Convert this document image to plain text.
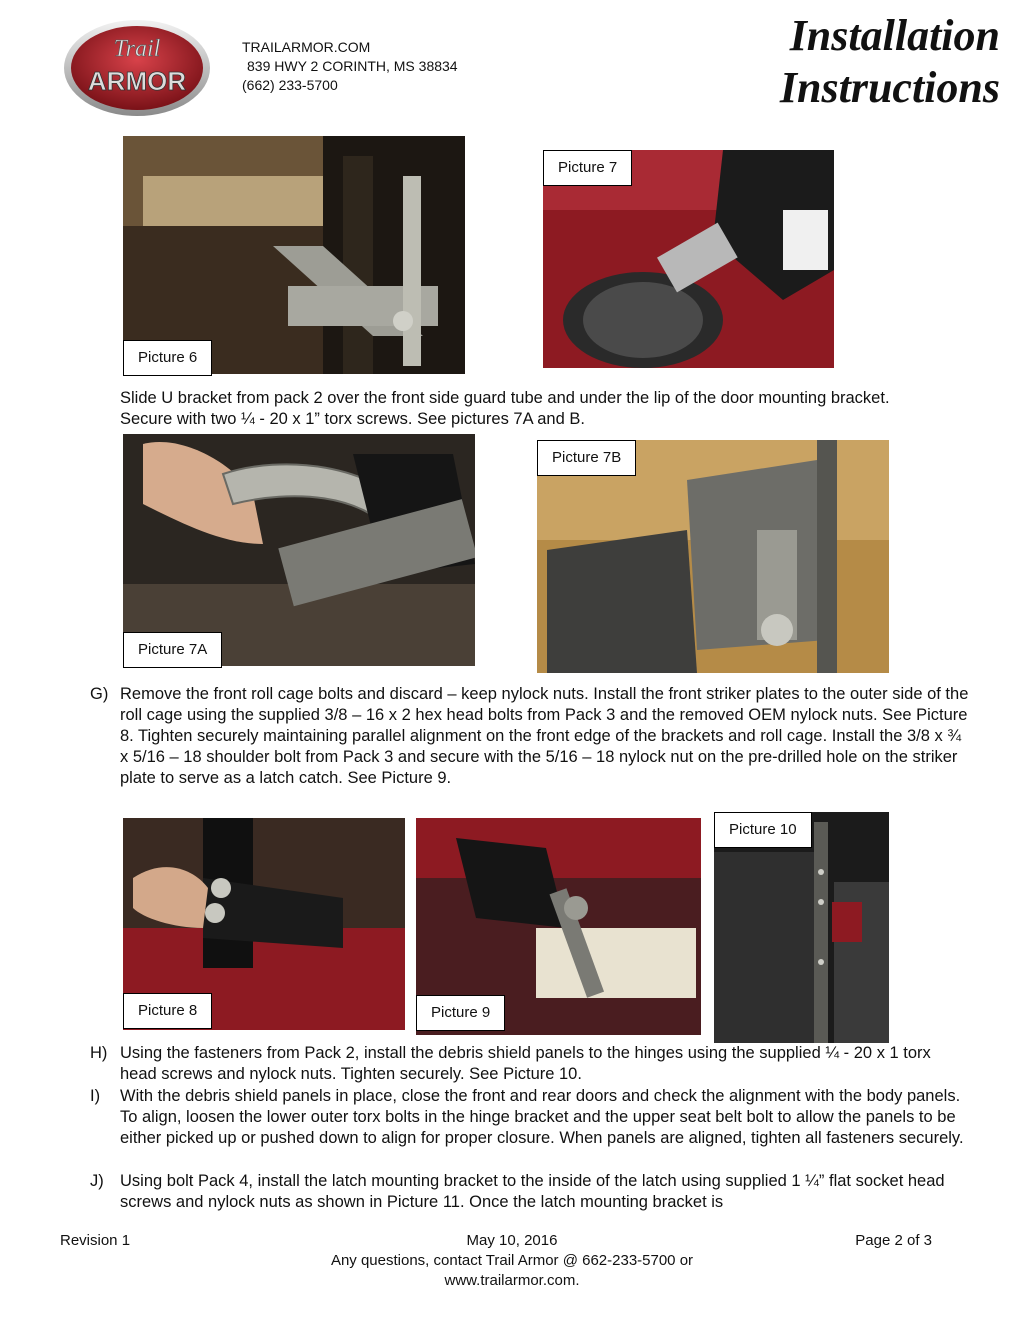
Trail
ARMOR
TRAILARMOR.COM
839 HWY 2 CORINTH, MS 38834
(662) 233-5700
Installation
Instructions
Picture 6
Picture 7
Slide U bracket from pack 2 over the front side guard tube and under the lip of the door mounting bracket. Secure with two ¼ - 20 x 1” torx screws. See pictures 7A and B.
Picture 7A
Picture 7B
G) Remove the front roll cage bolts and discard – keep nylock nuts. Install the front striker plates to the outer side of the roll cage using the supplied 3/8 – 16 x 2 hex head bolts from Pack 3 and the removed OEM nylock nuts. See Picture 8. Tighten securely maintaining parallel alignment on the front edge of the brackets and roll cage. Install the 3/8 x ¾ x 5/16 – 18 shoulder bolt from Pack 3 and secure with the 5/16 – 18 nylock nut on the pre-drilled hole on the striker plate to serve as a latch catch. See Picture 9.
Picture 8	Picture 9
Picture 10
H) Using the fasteners from Pack 2, install the debris shield panels to the hinges using the supplied ¼ - 20 x 1 torx head screws and nylock nuts. Tighten securely. See Picture 10.
I) With the debris shield panels in place, close the front and rear doors and check the alignment with the body panels. To align, loosen the lower outer torx bolts in the hinge bracket and the upper seat belt bolt to allow the panels to be either picked up or pushed down to align for proper closure. When panels are aligned, tighten all fasteners securely.
J) Using bolt Pack 4, install the latch mounting bracket to the inside of the latch using supplied 1 ¼” flat socket head screws and nylock nuts as shown in Picture 11. Once the latch mounting bracket is
Revision 1	May 10, 2016
Any questions, contact Trail Armor @ 662-233-5700 or
www.trailarmor.com.
Page 2 of 3
